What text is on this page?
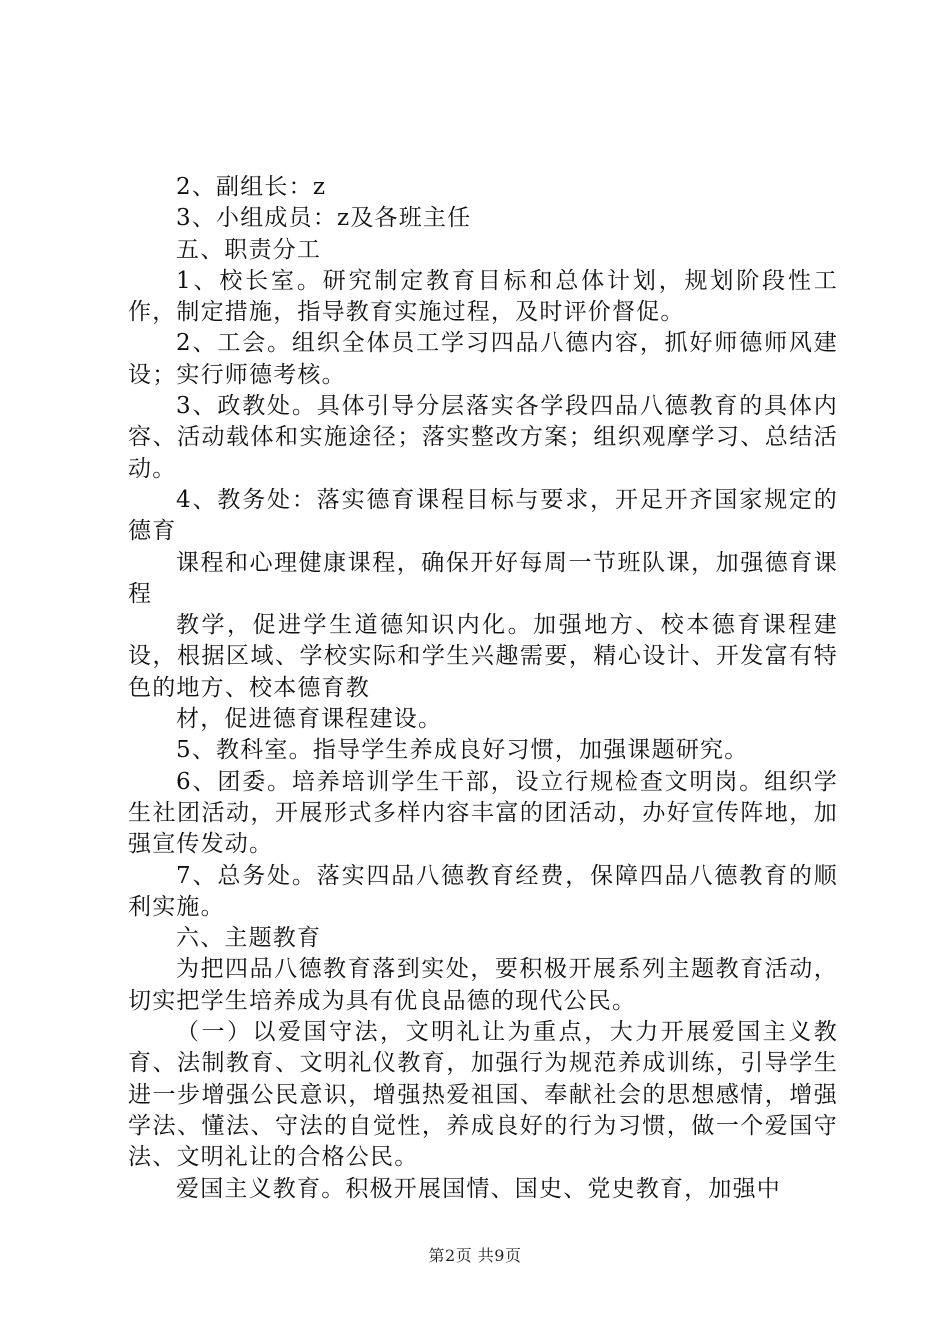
2、副组长：z

3、小组成员：z及各班主任

五、职责分工

1、校长室。研究制定教育目标和总体计划，规划阶段性工作，制定措施，指导教育实施过程，及时评价督促。

2、工会。组织全体员工学习四品八德内容，抓好师德师风建设；实行师德考核。

3、政教处。具体引导分层落实各学段四品八德教育的具体内容、活动载体和实施途径；落实整改方案；组织观摩学习、总结活动。

4、教务处：落实德育课程目标与要求，开足开齐国家规定的德育

课程和心理健康课程，确保开好每周一节班队课，加强德育课程

教学，促进学生道德知识内化。加强地方、校本德育课程建设，根据区域、学校实际和学生兴趣需要，精心设计、开发富有特色的地方、校本德育教

材，促进德育课程建设。

5、教科室。指导学生养成良好习惯，加强课题研究。

6、团委。培养培训学生干部，设立行规检查文明岗。组织学生社团活动，开展形式多样内容丰富的团活动，办好宣传阵地，加强宣传发动。

7、总务处。落实四品八德教育经费，保障四品八德教育的顺利实施。

六、主题教育

为把四品八德教育落到实处，要积极开展系列主题教育活动，切实把学生培养成为具有优良品德的现代公民。

（一）以爱国守法，文明礼让为重点，大力开展爱国主义教育、法制教育、文明礼仪教育，加强行为规范养成训练，引导学生进一步增强公民意识，增强热爱祖国、奉献社会的思想感情，增强学法、懂法、守法的自觉性，养成良好的行为习惯，做一个爱国守法、文明礼让的合格公民。

爱国主义教育。积极开展国情、国史、党史教育，加强中

第2页 共9页
